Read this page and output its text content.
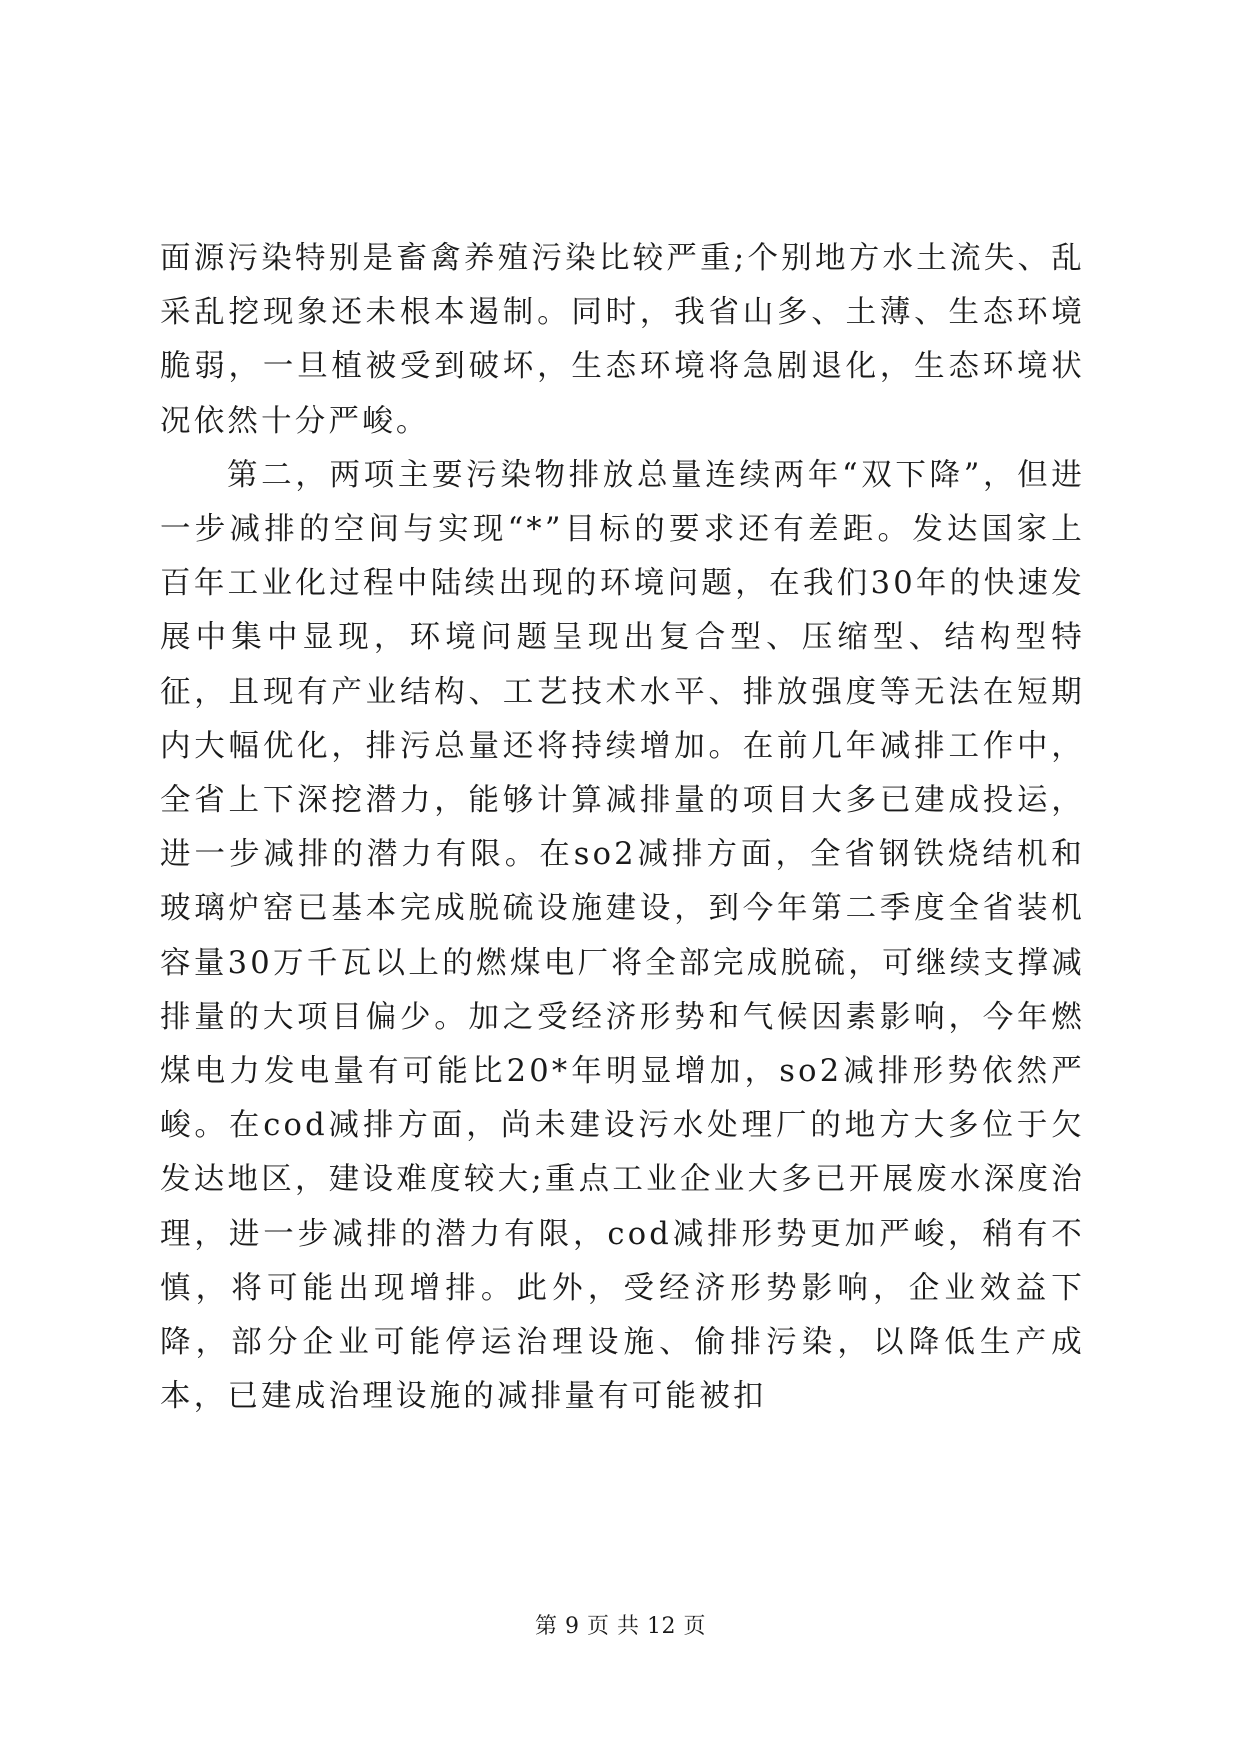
面源污染特别是畜禽养殖污染比较严重;个别地方水土流失、乱采乱挖现象还未根本遏制。同时，我省山多、土薄、生态环境脆弱，一旦植被受到破坏，生态环境将急剧退化，生态环境状况依然十分严峻。

第二，两项主要污染物排放总量连续两年“双下降”，但进一步减排的空间与实现“*”目标的要求还有差距。发达国家上百年工业化过程中陆续出现的环境问题，在我们30年的快速发展中集中显现，环境问题呈现出复合型、压缩型、结构型特征，且现有产业结构、工艺技术水平、排放强度等无法在短期内大幅优化，排污总量还将持续增加。在前几年减排工作中，全省上下深挖潜力，能够计算减排量的项目大多已建成投运，进一步减排的潜力有限。在so2减排方面，全省钢铁烧结机和玻璃炉窑已基本完成脱硫设施建设，到今年第二季度全省装机容量30万千瓦以上的燃煤电厂将全部完成脱硫，可继续支撑减排量的大项目偏少。加之受经济形势和气候因素影响，今年燃煤电力发电量有可能比20*年明显增加，so2减排形势依然严峻。在cod减排方面，尚未建设污水处理厂的地方大多位于欠发达地区，建设难度较大;重点工业企业大多已开展废水深度治理，进一步减排的潜力有限，cod减排形势更加严峻，稍有不慎，将可能出现增排。此外，受经济形势影响，企业效益下降，部分企业可能停运治理设施、偷排污染，以降低生产成本，已建成治理设施的减排量有可能被扣

第 9 页 共 12 页
